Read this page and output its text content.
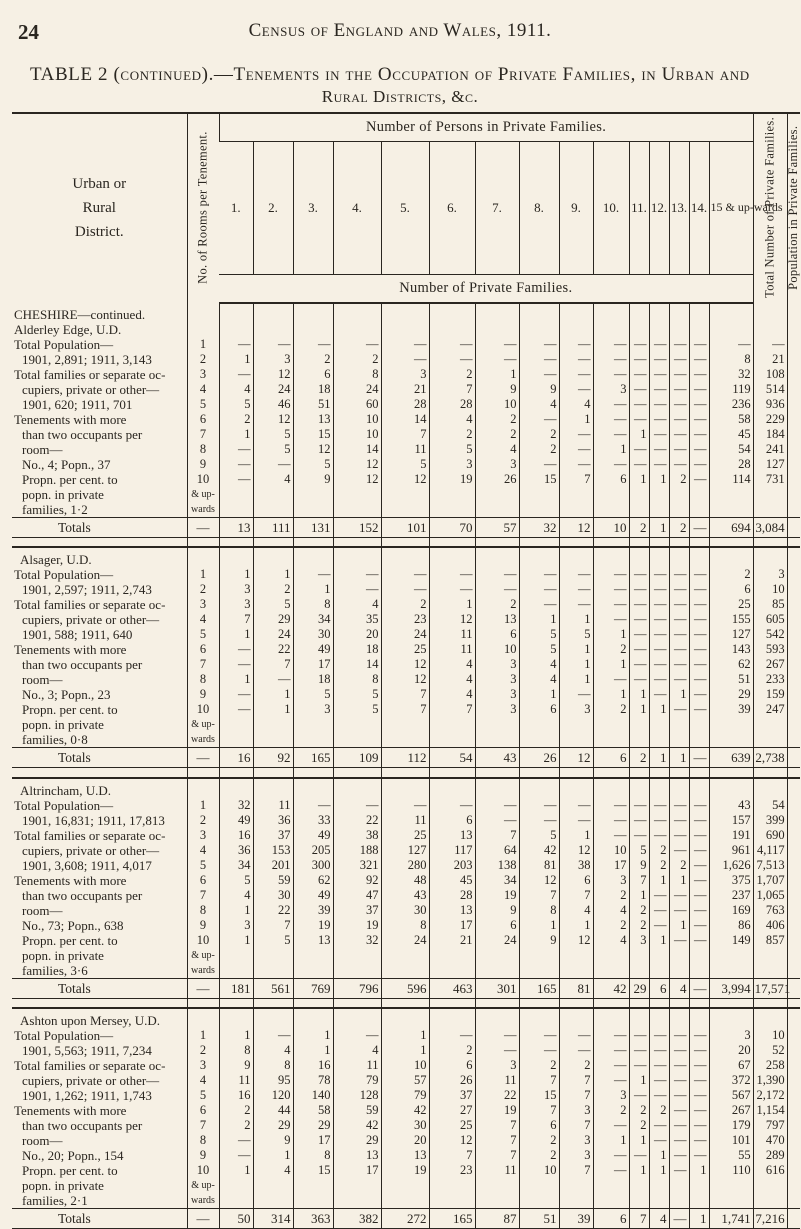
24	Census of England and Wales, 1911.
TABLE 2 (continued).—Tenements in the Occupation of Private Families, in Urban and
Rural Districts, &c.
Urban or
Rural
District.	No. of Rooms per Tenement.	Number of Persons in Private Families.															Total Number of Private Families.	Population in Private Families.
		1.	2.	3.	4.	5.	6.	7.	8.	9.	10.	11.	12.	13.	14.	15 & up-wards		
		Number of Private Families.																
CHESHIRE—continued.																		
Alderley Edge, U.D.																		
Total Population—	1	—	—	—	—	—	—	—	—	—	—	—	—	—	—	—	—	
1901, 2,891; 1911, 3,143	2	1	3	2	2	—	—	—	—	—	—	—	—	—	—	8	21	
Total families or separate oc-	3	—	12	6	8	3	2	1	—	—	—	—	—	—	—	32	108	
cupiers, private or other—	4	4	24	18	24	21	7	9	9	—	3	—	—	—	—	119	514	
1901, 620; 1911, 701	5	5	46	51	60	28	28	10	4	4	—	—	—	—	—	236	936	
Tenements with more	6	2	12	13	10	14	4	2	—	1	—	—	—	—	—	58	229	
than two occupants per	7	1	5	15	10	7	2	2	2	—	—	1	—	—	—	45	184	
room—	8	—	5	12	14	11	5	4	2	—	1	—	—	—	—	54	241	
No., 4; Popn., 37	9	—	—	5	12	5	3	3	—	—	—	—	—	—	—	28	127	
Propn. per cent. to	10	—	4	9	12	12	19	26	15	7	6	1	1	2	—	114	731	
popn. in private	& up-																	
families, 1·2	wards																	
Totals	—	13	111	131	152	101	70	57	32	12	10	2	1	2	—	694	3,084	

Alsager, U.D.																		
Total Population—	1	1	1	—	—	—	—	—	—	—	—	—	—	—	—	2	3	
1901, 2,597; 1911, 2,743	2	3	2	1	—	—	—	—	—	—	—	—	—	—	—	6	10	
Total families or separate oc-	3	3	5	8	4	2	1	2	—	—	—	—	—	—	—	25	85	
cupiers, private or other—	4	7	29	34	35	23	12	13	1	1	—	—	—	—	—	155	605	
1901, 588; 1911, 640	5	1	24	30	20	24	11	6	5	5	1	—	—	—	—	127	542	
Tenements with more	6	—	22	49	18	25	11	10	5	1	2	—	—	—	—	143	593	
than two occupants per	7	—	7	17	14	12	4	3	4	1	1	—	—	—	—	62	267	
room—	8	1	—	18	8	12	4	3	4	1	—	—	—	—	—	51	233	
No., 3; Popn., 23	9	—	1	5	5	7	4	3	1	—	1	1	—	1	—	29	159	
Propn. per cent. to	10	—	1	3	5	7	7	3	6	3	2	1	1	—	—	39	247	
popn. in private	& up-																	
families, 0·8	wards																	
Totals	—	16	92	165	109	112	54	43	26	12	6	2	1	1	—	639	2,738	

Altrincham, U.D.																		
Total Population—	1	32	11	—	—	—	—	—	—	—	—	—	—	—	—	43	54	
1901, 16,831; 1911, 17,813	2	49	36	33	22	11	6	—	—	—	—	—	—	—	—	157	399	
Total families or separate oc-	3	16	37	49	38	25	13	7	5	1	—	—	—	—	—	191	690	
cupiers, private or other—	4	36	153	205	188	127	117	64	42	12	10	5	2	—	—	961	4,117	
1901, 3,608; 1911, 4,017	5	34	201	300	321	280	203	138	81	38	17	9	2	2	—	1,626	7,513	
Tenements with more	6	5	59	62	92	48	45	34	12	6	3	7	1	1	—	375	1,707	
than two occupants per	7	4	30	49	47	43	28	19	7	7	2	1	—	—	—	237	1,065	
room—	8	1	22	39	37	30	13	9	8	4	4	2	—	—	—	169	763	
No., 73; Popn., 638	9	3	7	19	19	8	17	6	1	1	2	2	—	1	—	86	406	
Propn. per cent. to	10	1	5	13	32	24	21	24	9	12	4	3	1	—	—	149	857	
popn. in private	& up-																	
families, 3·6	wards																	
Totals	—	181	561	769	796	596	463	301	165	81	42	29	6	4	—	3,994	17,571	

Ashton upon Mersey, U.D.																		
Total Population—	1	1	—	1	—	1	—	—	—	—	—	—	—	—	—	3	10	
1901, 5,563; 1911, 7,234	2	8	4	1	4	1	2	—	—	—	—	—	—	—	—	20	52	
Total families or separate oc-	3	9	8	16	11	10	6	3	2	2	—	—	—	—	—	67	258	
cupiers, private or other—	4	11	95	78	79	57	26	11	7	7	—	1	—	—	—	372	1,390	
1901, 1,262; 1911, 1,743	5	16	120	140	128	79	37	22	15	7	3	—	—	—	—	567	2,172	
Tenements with more	6	2	44	58	59	42	27	19	7	3	2	2	2	—	—	267	1,154	
than two occupants per	7	2	29	29	42	30	25	7	6	7	—	2	—	—	—	179	797	
room—	8	—	9	17	29	20	12	7	2	3	1	1	—	—	—	101	470	
No., 20; Popn., 154	9	—	1	8	13	13	7	7	2	3	—	—	1	—	—	55	289	
Propn. per cent. to	10	1	4	15	17	19	23	11	10	7	—	1	1	—	1	110	616	
popn. in private	& up-																	
families, 2·1	wards																	
Totals	—	50	314	363	382	272	165	87	51	39	6	7	4	—	1	1,741	7,216	
